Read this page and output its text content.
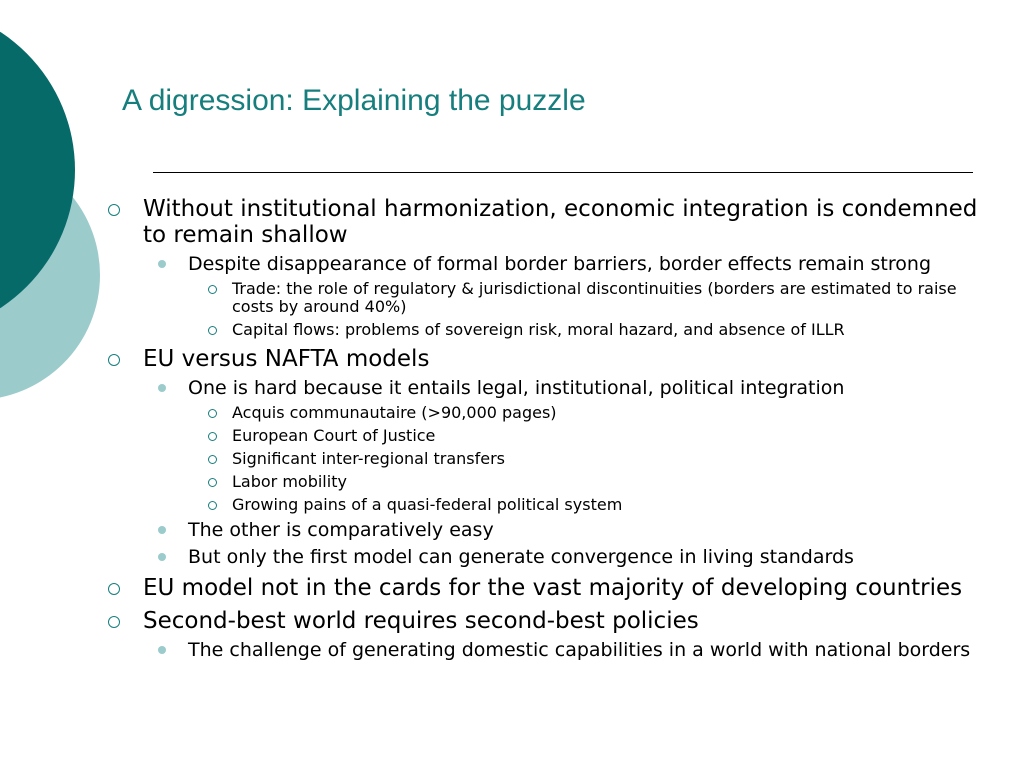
A digression: Explaining the puzzle
Without institutional harmonization, economic integration is condemned to remain shallow
Despite disappearance of formal border barriers, border effects remain strong
Trade: the role of regulatory & jurisdictional discontinuities (borders are estimated to raise costs by around 40%)
Capital flows: problems of sovereign risk, moral hazard, and absence of ILLR
EU versus NAFTA models
One is hard because it entails legal, institutional, political integration
Acquis communautaire (>90,000 pages)
European Court of Justice
Significant inter-regional transfers
Labor mobility
Growing pains of a quasi-federal political system
The other is comparatively easy
But only the first model can generate convergence in living standards
EU model not in the cards for the vast majority of developing countries
Second-best world requires second-best policies
The challenge of generating domestic capabilities in a world with national borders
